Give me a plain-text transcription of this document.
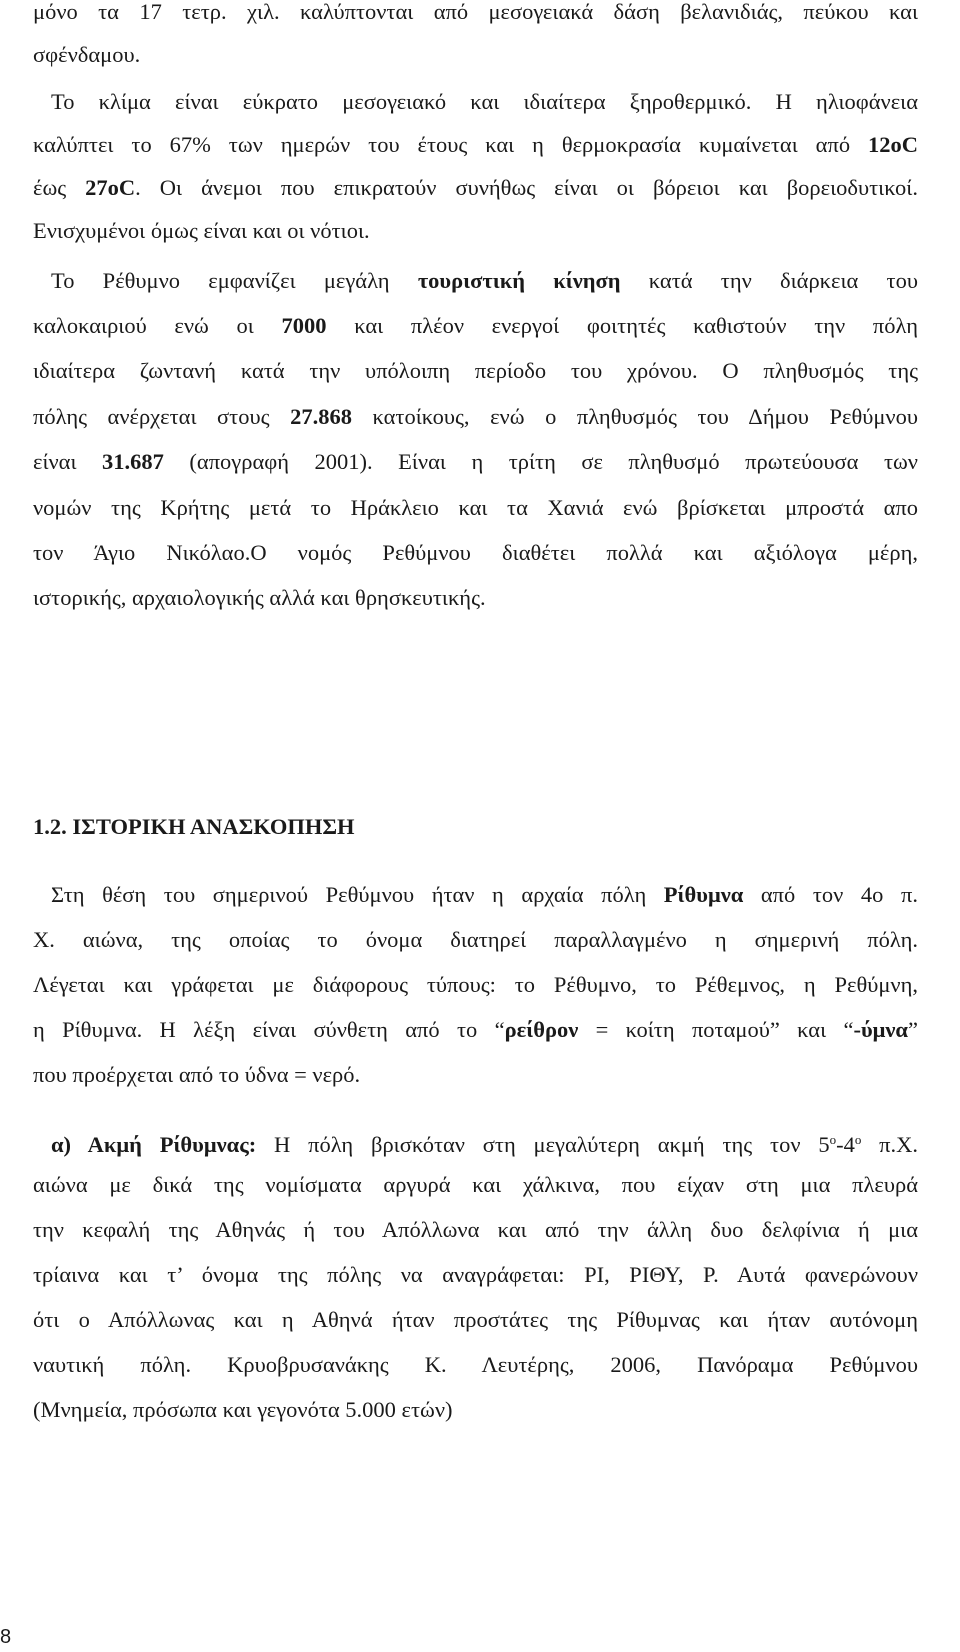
μόνο τα 17 τετρ. χιλ. καλύπτονται από μεσογειακά δάση βελανιδιάς, πεύκου και
σφένδαμου.
Το κλίμα είναι εύκρατο μεσογειακό και ιδιαίτερα ξηροθερμικό. Η ηλιοφάνεια
καλύπτει το 67% των ημερών του έτους και η θερμοκρασία κυμαίνεται από 12oC
έως 27oC. Οι άνεμοι που επικρατούν συνήθως είναι οι βόρειοι και βορειοδυτικοί.
Ενισχυμένοι όμως είναι και οι νότιοι.
Το Ρέθυμνο εμφανίζει μεγάλη τουριστική κίνηση κατά την διάρκεια του
καλοκαιριού ενώ οι 7000 και πλέον ενεργοί φοιτητές καθιστούν την πόλη
ιδιαίτερα ζωντανή κατά την υπόλοιπη περίοδο του χρόνου. Ο πληθυσμός της
πόλης ανέρχεται στους 27.868 κατοίκους, ενώ ο πληθυσμός του Δήμου Ρεθύμνου
είναι 31.687 (απογραφή 2001). Είναι η τρίτη σε πληθυσμό πρωτεύουσα των
νομών της Κρήτης μετά το Ηράκλειο και τα Χανιά ενώ βρίσκεται μπροστά απο
τον Άγιο Νικόλαο.Ο νομός Ρεθύμνου διαθέτει πολλά και αξιόλογα μέρη,
ιστορικής, αρχαιολογικής αλλά και θρησκευτικής.
1.2. ΙΣΤΟΡΙΚΗ ΑΝΑΣΚΟΠΗΣΗ
Στη θέση του σημερινού Ρεθύμνου ήταν η αρχαία πόλη Ρίθυμνα από τον 4ο π.
Χ. αιώνα, της οποίας το όνομα διατηρεί παραλλαγμένο η σημερινή πόλη.
Λέγεται και γράφεται με διάφορους τύπους: το Ρέθυμνο, το Ρέθεμνος, η Ρεθύμνη,
η Ρίθυμνα. Η λέξη είναι σύνθετη από το “ρείθρον = κοίτη ποταμού” και “-ύμνα”
που προέρχεται από το ύδνα = νερό.
α) Ακμή Ρίθυμνας: Η πόλη βρισκόταν στη μεγαλύτερη ακμή της τον $5^o-4^o$ π.Χ.
αιώνα με δικά της νομίσματα αργυρά και χάλκινα, που είχαν στη μια πλευρά
την κεφαλή της Αθηνάς ή του Απόλλωνα και από την άλλη δυο δελφίνια ή μια
τρίαινα και τ’ όνομα της πόλης να αναγράφεται: ΡΙ, ΡΙΘΥ, Ρ. Αυτά φανερώνουν
ότι ο Απόλλωνας και η Αθηνά ήταν προστάτες της Ρίθυμνας και ήταν αυτόνομη
ναυτική πόλη. Κρυοβρυσανάκης Κ. Λευτέρης, 2006, Πανόραμα Ρεθύμνου
(Μνημεία, πρόσωπα και γεγονότα 5.000 ετών)
8
